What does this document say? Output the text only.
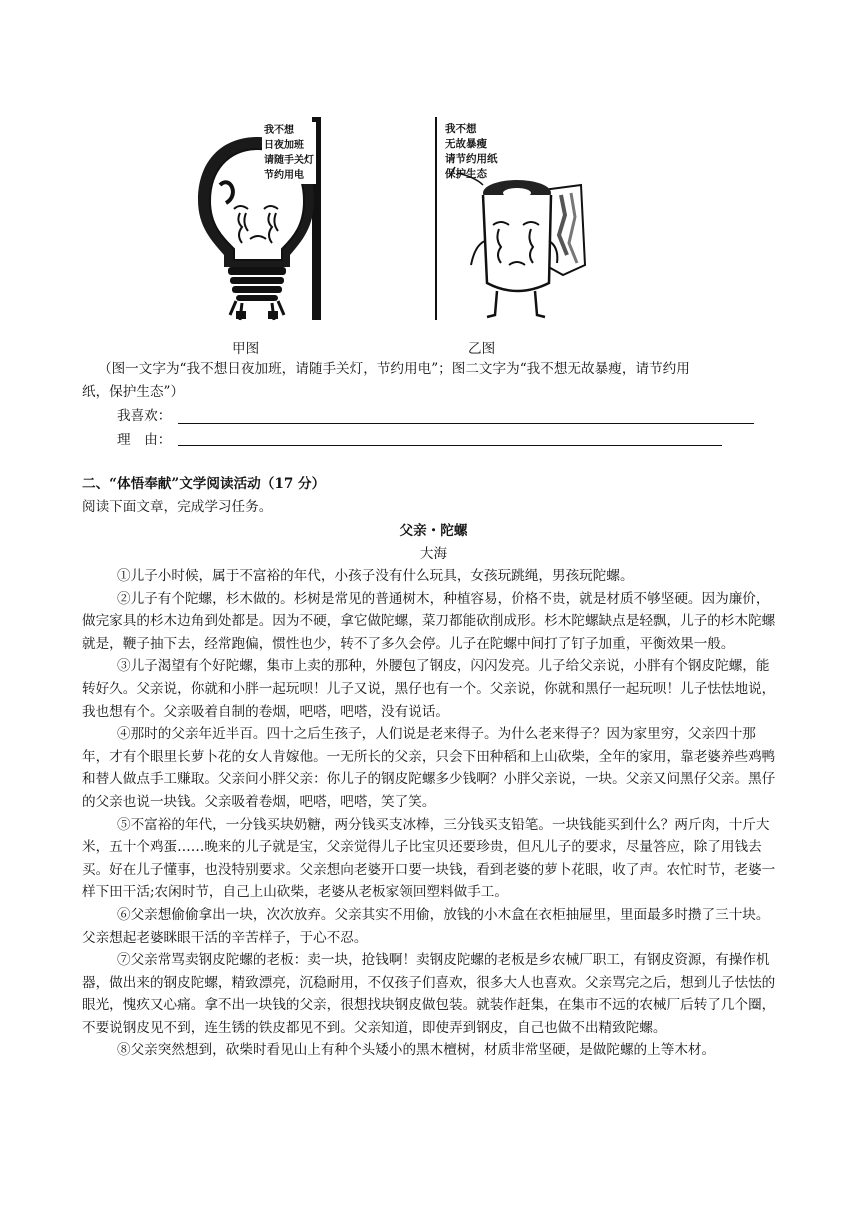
我不想
日夜加班
请随手关灯
节约用电
我不想
无故暴瘦
请节约用纸
保护生态
甲图	乙图
（图一文字为“我不想日夜加班，请随手关灯，节约用电”；图二文字为“我不想无故暴瘦，请节约用
纸，保护生态”）
我喜欢：
理　由：
二、“体悟奉献”文学阅读活动（17 分）
阅读下面文章，完成学习任务。
父亲・陀螺
大海

①儿子小时候，属于不富裕的年代，小孩子没有什么玩具，女孩玩跳绳，男孩玩陀螺。

②儿子有个陀螺，杉木做的。杉树是常见的普通树木，种植容易，价格不贵，就是材质不够坚硬。因为廉价，做完家具的杉木边角到处都是。因为不硬，拿它做陀螺，菜刀都能砍削成形。杉木陀螺缺点是轻飘，儿子的杉木陀螺就是，鞭子抽下去，经常跑偏，惯性也少，转不了多久会停。儿子在陀螺中间打了钉子加重，平衡效果一般。

③儿子渴望有个好陀螺，集市上卖的那种，外腰包了钢皮，闪闪发亮。儿子给父亲说，小胖有个钢皮陀螺，能转好久。父亲说，你就和小胖一起玩呗！儿子又说，黑仔也有一个。父亲说，你就和黑仔一起玩呗！儿子怯怯地说，我也想有个。父亲吸着自制的卷烟，吧嗒，吧嗒，没有说话。

④那时的父亲年近半百。四十之后生孩子，人们说是老来得子。为什么老来得子？因为家里穷，父亲四十那年，才有个眼里长萝卜花的女人肯嫁他。一无所长的父亲，只会下田种稻和上山砍柴，全年的家用，靠老婆养些鸡鸭和替人做点手工赚取。父亲问小胖父亲：你儿子的钢皮陀螺多少钱啊？小胖父亲说，一块。父亲又问黑仔父亲。黑仔的父亲也说一块钱。父亲吸着卷烟，吧嗒，吧嗒，笑了笑。

⑤不富裕的年代，一分钱买块奶糖，两分钱买支冰棒，三分钱买支铅笔。一块钱能买到什么？两斤肉，十斤大米，五十个鸡蛋……晚来的儿子就是宝，父亲觉得儿子比宝贝还要珍贵，但凡儿子的要求，尽量答应，除了用钱去买。好在儿子懂事，也没特别要求。父亲想向老婆开口要一块钱，看到老婆的萝卜花眼，收了声。农忙时节，老婆一样下田干活;农闲时节，自己上山砍柴，老婆从老板家领回塑料做手工。

⑥父亲想偷偷拿出一块，次次放弃。父亲其实不用偷，放钱的小木盒在衣柜抽屉里，里面最多时攒了三十块。父亲想起老婆眯眼干活的辛苦样子，于心不忍。

⑦父亲常骂卖钢皮陀螺的老板：卖一块，抢钱啊！卖钢皮陀螺的老板是乡农械厂职工，有钢皮资源，有操作机器，做出来的钢皮陀螺，精致漂亮，沉稳耐用，不仅孩子们喜欢，很多大人也喜欢。父亲骂完之后，想到儿子怯怯的眼光，愧疚又心痛。拿不出一块钱的父亲，很想找块钢皮做包装。就装作赶集，在集市不远的农械厂后转了几个圈，不要说钢皮见不到，连生锈的铁皮都见不到。父亲知道，即使弄到钢皮，自己也做不出精致陀螺。

⑧父亲突然想到，砍柴时看见山上有种个头矮小的黑木檀树，材质非常坚硬，是做陀螺的上等木材。
